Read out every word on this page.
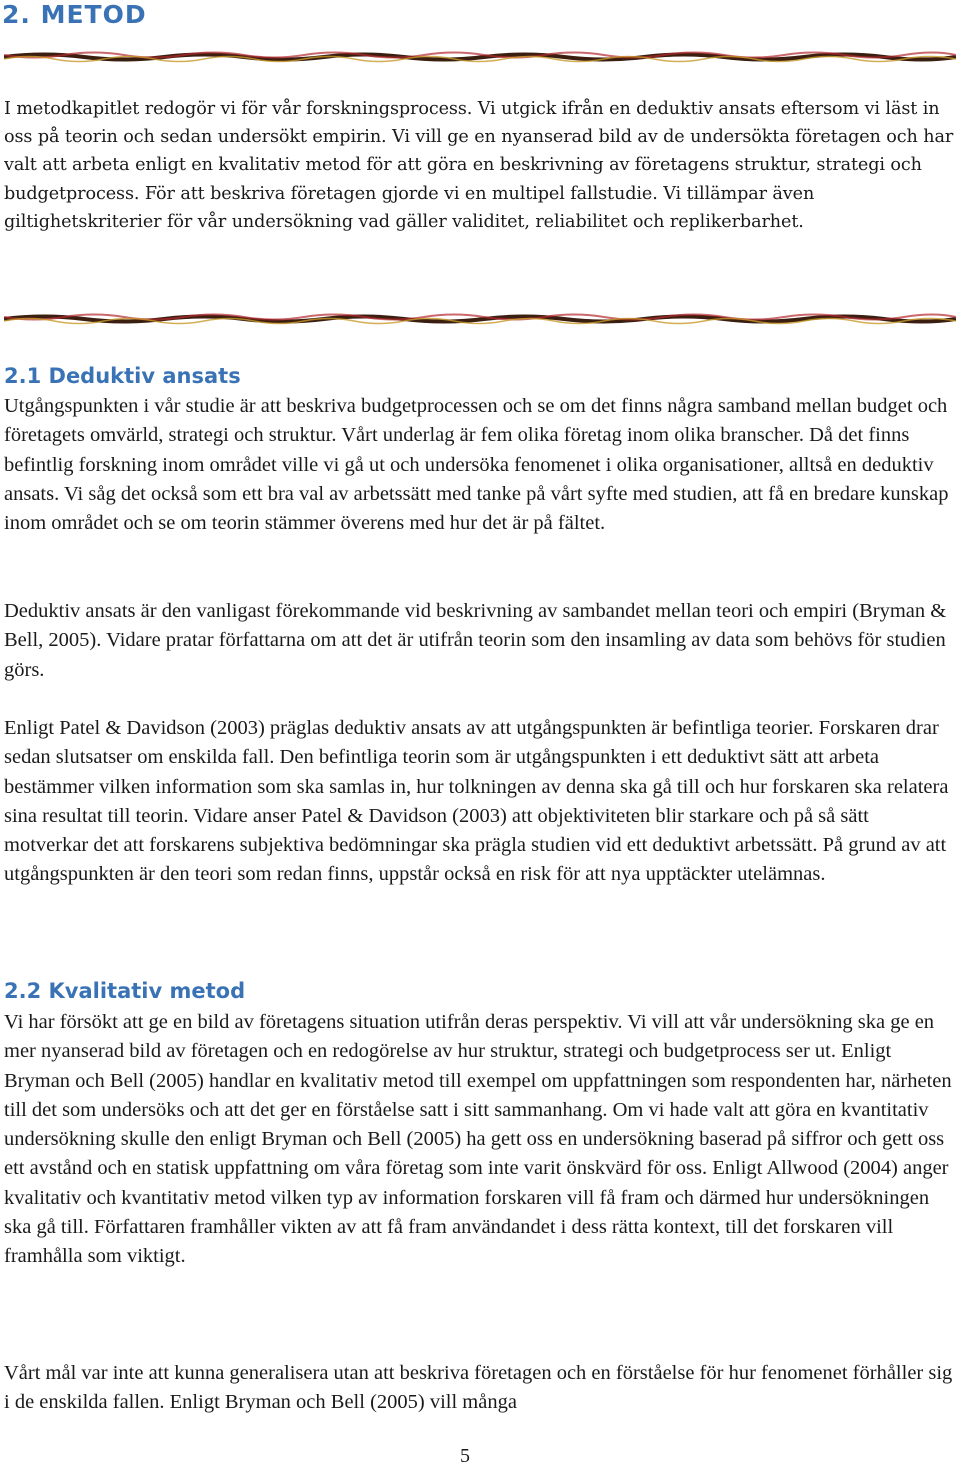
2. METOD

I metodkapitlet redogör vi för vår forskningsprocess. Vi utgick ifrån en deduktiv ansats eftersom vi läst in oss på teorin och sedan undersökt empirin. Vi vill ge en nyanserad bild av de undersökta företagen och har valt att arbeta enligt en kvalitativ metod för att göra en beskrivning av företagens struktur, strategi och budgetprocess. För att beskriva företagen gjorde vi en multipel fallstudie. Vi tillämpar även giltighetskriterier för vår undersökning vad gäller validitet, reliabilitet och replikerbarhet.

2.1 Deduktiv ansats

Utgångspunkten i vår studie är att beskriva budgetprocessen och se om det finns några samband mellan budget och företagets omvärld, strategi och struktur. Vårt underlag är fem olika företag inom olika branscher. Då det finns befintlig forskning inom området ville vi gå ut och undersöka fenomenet i olika organisationer, alltså en deduktiv ansats. Vi såg det också som ett bra val av arbetssätt med tanke på vårt syfte med studien, att få en bredare kunskap inom området och se om teorin stämmer överens med hur det är på fältet.

Deduktiv ansats är den vanligast förekommande vid beskrivning av sambandet mellan teori och empiri (Bryman & Bell, 2005). Vidare pratar författarna om att det är utifrån teorin som den insamling av data som behövs för studien görs.

Enligt Patel & Davidson (2003) präglas deduktiv ansats av att utgångspunkten är befintliga teorier. Forskaren drar sedan slutsatser om enskilda fall. Den befintliga teorin som är utgångspunkten i ett deduktivt sätt att arbeta bestämmer vilken information som ska samlas in, hur tolkningen av denna ska gå till och hur forskaren ska relatera sina resultat till teorin. Vidare anser Patel & Davidson (2003) att objektiviteten blir starkare och på så sätt motverkar det att forskarens subjektiva bedömningar ska prägla studien vid ett deduktivt arbetssätt. På grund av att utgångspunkten är den teori som redan finns, uppstår också en risk för att nya upptäckter utelämnas.

2.2 Kvalitativ metod

Vi har försökt att ge en bild av företagens situation utifrån deras perspektiv. Vi vill att vår undersökning ska ge en mer nyanserad bild av företagen och en redogörelse av hur struktur, strategi och budgetprocess ser ut. Enligt Bryman och Bell (2005) handlar en kvalitativ metod till exempel om uppfattningen som respondenten har, närheten till det som undersöks och att det ger en förståelse satt i sitt sammanhang. Om vi hade valt att göra en kvantitativ undersökning skulle den enligt Bryman och Bell (2005) ha gett oss en undersökning baserad på siffror och gett oss ett avstånd och en statisk uppfattning om våra företag som inte varit önskvärd för oss. Enligt Allwood (2004) anger kvalitativ och kvantitativ metod vilken typ av information forskaren vill få fram och därmed hur undersökningen ska gå till. Författaren framhåller vikten av att få fram användandet i dess rätta kontext, till det forskaren vill framhålla som viktigt.

Vårt mål var inte att kunna generalisera utan att beskriva företagen och en förståelse för hur fenomenet förhåller sig i de enskilda fallen. Enligt Bryman och Bell (2005) vill många

5
